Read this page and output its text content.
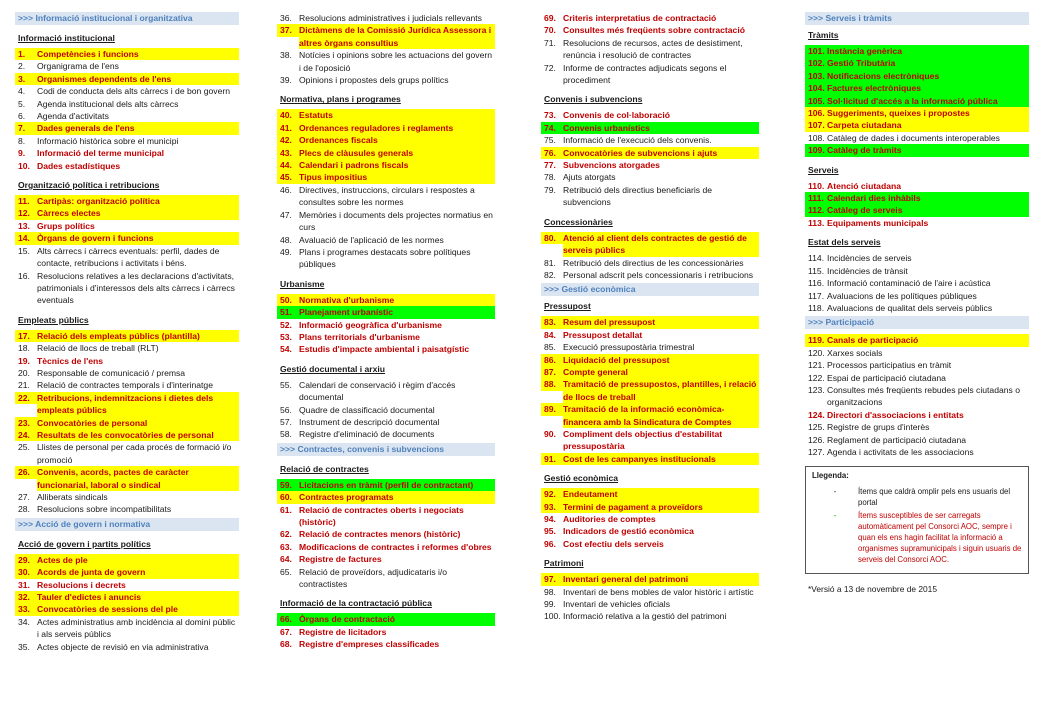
>>> Informació institucional i organitzativa
Informació institucional
1.	Competències i funcions
2.	Organigrama de l'ens
3.	Organismes dependents de l'ens
4.	Codi de conducta dels alts càrrecs i de bon govern
5.	Agenda institucional dels alts càrrecs
6.	Agenda d'activitats
7.	Dades generals de l'ens
8.	Informació històrica sobre el municipi
9.	Informació del terme municipal
10. Dades estadístiques
Organització política i retribucions
11. Cartipàs: organització política
12. Càrrecs electes
13. Grups polítics
14. Òrgans de govern i funcions
15. Alts càrrecs i càrrecs eventuals: perfil, dades de contacte, retribucions i activitats i béns.
16. Resolucions relatives a les declaracions d'activitats, patrimonials i d'interessos dels alts càrrecs i càrrecs eventuals
Empleats públics
17. Relació dels empleats públics (plantilla)
18. Relació de llocs de treball (RLT)
19. Tècnics de l'ens
20. Responsable de comunicació / premsa
21. Relació de contractes temporals i d'interinatge
22. Retribucions, indemnitzacions i dietes dels empleats públics
23. Convocatòries de personal
24. Resultats de les convocatòries de personal
25. Llistes de personal per cada procés de formació i/o promoció
26. Convenis, acords, pactes de caràcter funcionarial, laboral o sindical
27. Alliberats sindicals
28. Resolucions sobre incompatibilitats
>>> Acció de govern i normativa
Acció de govern i partits polítics
29. Actes de ple
30. Acords de junta de govern
31. Resolucions i decrets
32. Tauler d'edictes i anuncis
33. Convocatòries de sessions del ple
34. Actes administratius amb incidència al domini públic i als serveis públics
35. Actes objecte de revisió en via administrativa
36. Resolucions administratives i judicials rellevants
37. Dictàmens de la Comissió Jurídica Assessora i altres òrgans consultius
38. Notícies i opinions sobre les actuacions del govern i de l'oposició
39. Opinions i propostes dels grups polítics
Normativa, plans i programes
40. Estatuts
41. Ordenances reguladores i reglaments
42. Ordenances fiscals
43. Plecs de clàusules generals
44. Calendari i padrons fiscals
45. Tipus impositius
46. Directives, instruccions, circulars i respostes a consultes sobre les normes
47. Memòries i documents dels projectes normatius en curs
48. Avaluació de l'aplicació de les normes
49. Plans i programes destacats sobre polítiques públiques
Urbanisme
50. Normativa d'urbanisme
51. Planejament urbanístic
52. Informació geogràfica d'urbanisme
53. Plans territorials d'urbanisme
54. Estudis d'impacte ambiental i paisatgístic
Gestió documental i arxiu
55. Calendari de conservació i règim d'accés documental
56. Quadre de classificació documental
57. Instrument de descripció documental
58. Registre d'eliminació de documents
>>> Contractes, convenis i subvencions
Relació de contractes
59. Licitacions en tràmit (perfil de contractant)
60. Contractes programats
61. Relació de contractes oberts i negociats (històric)
62. Relació de contractes menors (històric)
63. Modificacions de contractes i reformes d'obres
64. Registre de factures
65. Relació de proveïdors, adjudicataris i/o contractistes
Informació de la contractació pública
66. Òrgans de contractació
67. Registre de licitadors
68. Registre d'empreses classificades
69. Criteris interpretatius de contractació
70. Consultes més freqüents sobre contractació
71. Resolucions de recursos, actes de desistiment, renúncia i resolució de contractes
72. Informe de contractes adjudicats segons el procediment
Convenis i subvencions
73. Convenis de col·laboració
74. Convenis urbanístics
75. Informació de l'execució dels convenis.
76. Convocatòries de subvencions i ajuts
77. Subvencions atorgades
78. Ajuts atorgats
79. Retribució dels directius beneficiaris de subvencions
Concessionàries
80. Atenció al client dels contractes de gestió de serveis públics
81. Retribució dels directius de les concessionàries
82. Personal adscrit pels concessionaris i retribucions
>>> Gestió econòmica
Pressupost
83. Resum del pressupost
84. Pressupost detallat
85. Execució pressupostària trimestral
86. Liquidació del pressupost
87. Compte general
88. Tramitació de pressupostos, plantilles, i relació de llocs de treball
89. Tramitació de la informació econòmica-financera amb la Sindicatura de Comptes
90. Compliment dels objectius d'estabilitat pressupostària
91. Cost de les campanyes institucionals
Gestió econòmica
92. Endeutament
93. Termini de pagament a proveïdors
94. Auditories de comptes
95. Indicadors de gestió econòmica
96. Cost efectiu dels serveis
Patrimoni
97. Inventari general del patrimoni
98. Inventari de bens mobles de valor històric i artístic
99. Inventari de vehicles oficials
100. Informació relativa a la gestió del patrimoni
>>> Serveis i tràmits
Tràmits
101. Instància genèrica
102. Gestió Tributària
103. Notificacions electròniques
104. Factures electròniques
105. Sol·licitud d'accés a la informació pública
106. Suggeriments, queixes i propostes
107. Carpeta ciutadana
108. Catàleg de dades i documents interoperables
109. Catàleg de tràmits
Serveis
110. Atenció ciutadana
111. Calendari dies inhàbils
112. Catàleg de serveis
113. Equipaments municipals
Estat dels serveis
114. Incidències de serveis
115. Incidències de trànsit
116. Informació contaminació de l'aire i acústica
117. Avaluacions de les polítiques públiques
118. Avaluacions de qualitat dels serveis públics
>>> Participació
119. Canals de participació
120. Xarxes socials
121. Processos participatius en tràmit
122. Espai de participació ciutadana
123. Consultes més freqüents rebudes pels ciutadans o organitzacions
124. Directori d'associacions i entitats
125. Registre de grups d'interès
126. Reglament de participació ciutadana
127. Agenda i activitats de les associacions
Llegenda:
-	Ítems que caldrà omplir pels ens usuaris del portal
-	Ítems susceptibles de ser carregats automàticament pel Consorci AOC, sempre i quan els ens hagin facilitat la informació a organismes supramunicipals i siguin usuaris de serveis del Consorci AOC.
*Versió a 13 de novembre de 2015
